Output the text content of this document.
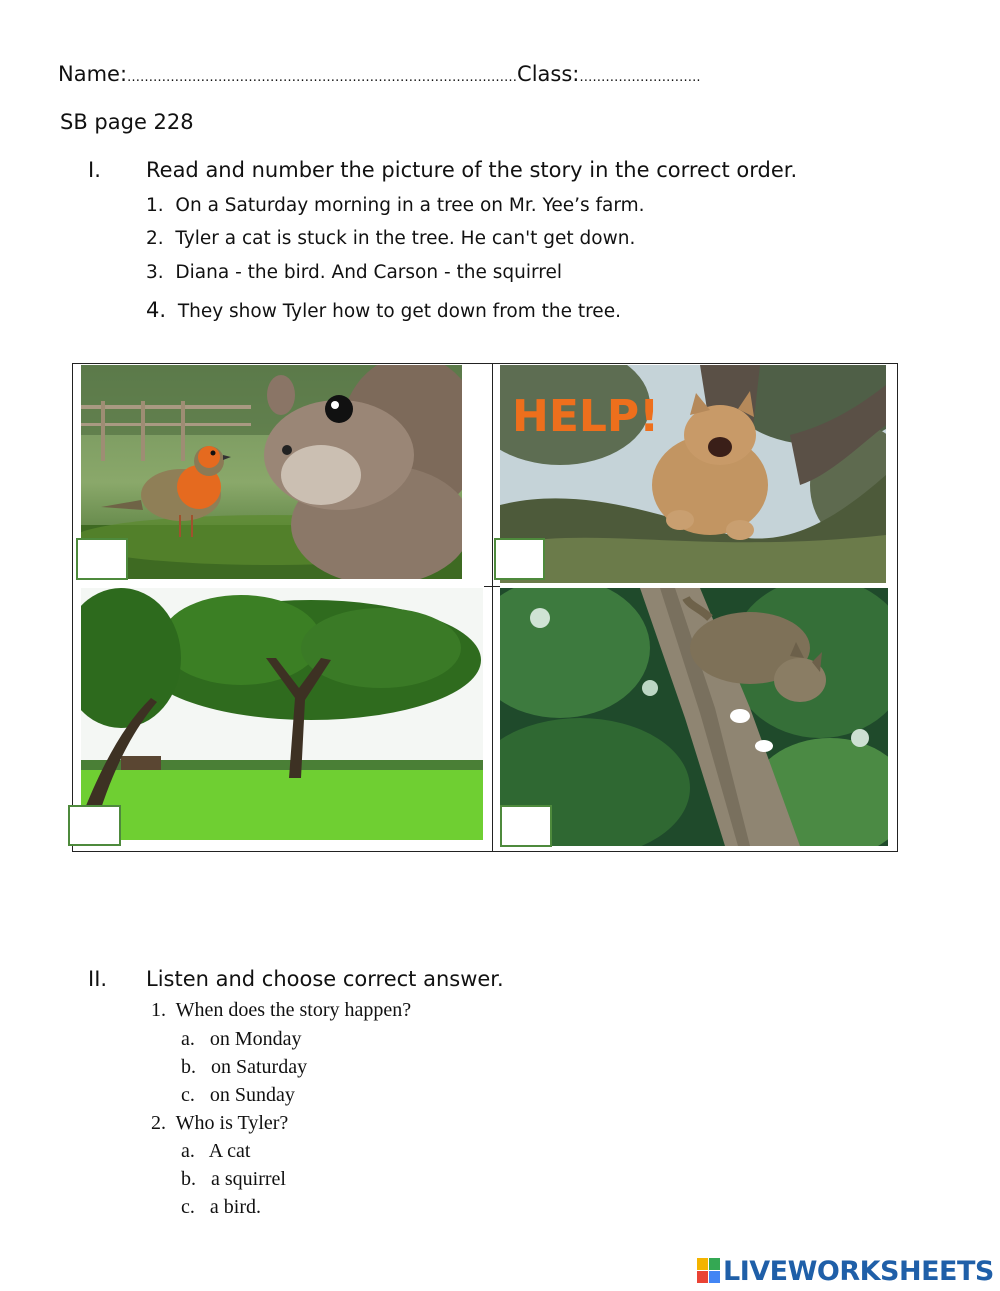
Name:………………………………………………………………………………Class:……………………….
SB page 228
I. Read and number the picture of the story in the correct order.
1. On a Saturday morning in a tree on Mr. Yee’s farm.
2. Tyler a cat is stuck in the tree. He can't get down.
3. Diana - the bird. And Carson - the squirrel
4. They show Tyler how to get down from the tree.
HELP!
II. Listen and choose correct answer.
1. When does the story happen?
a. on Monday
b. on Saturday
c. on Sunday
2. Who is Tyler?
a. A cat
b. a squirrel
c. a bird.
LIVEWORKSHEETS
